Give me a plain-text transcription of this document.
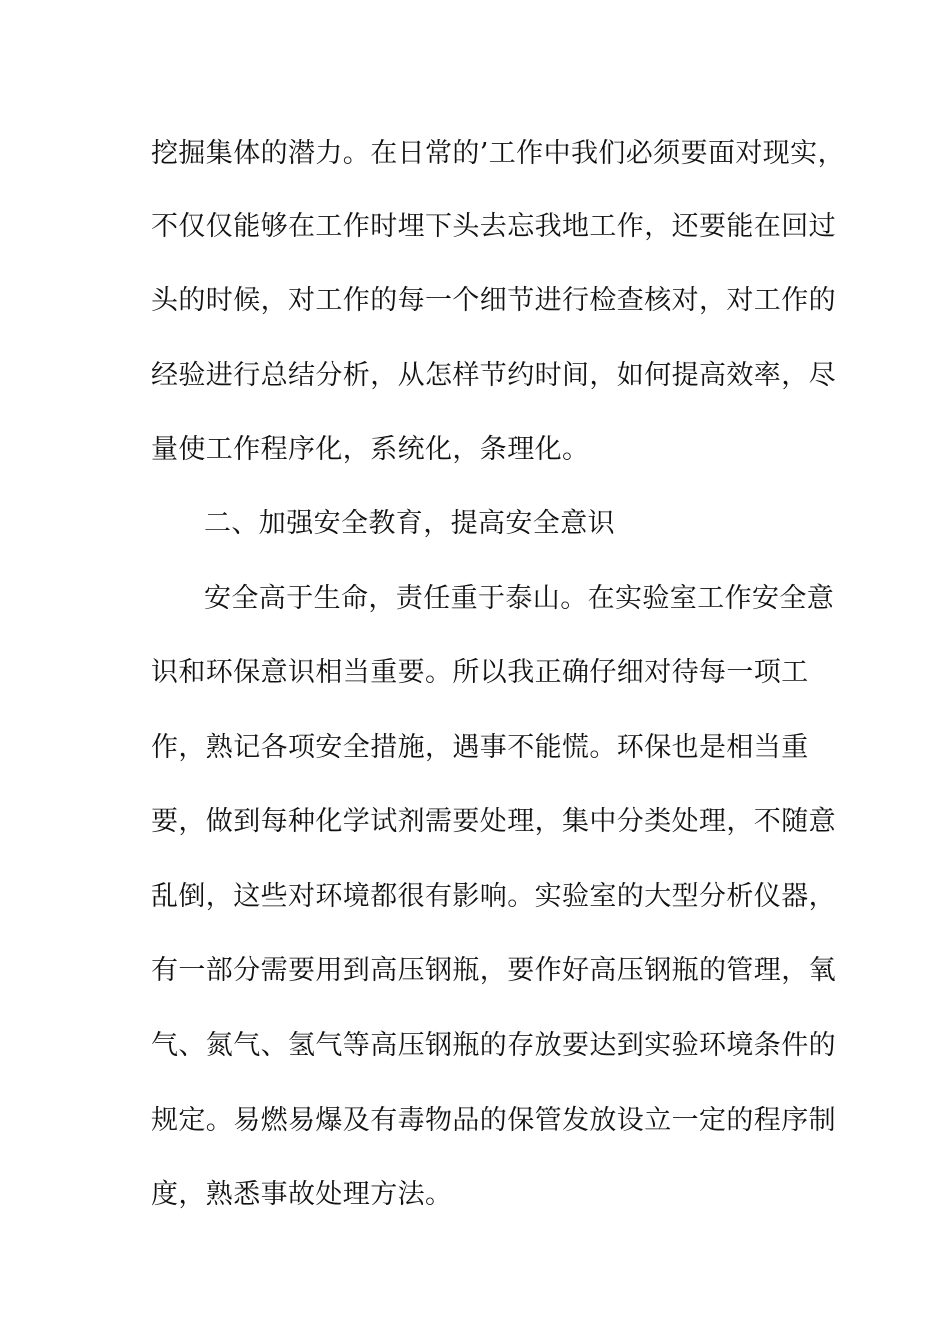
挖掘集体的潜力。在日常的’工作中我们必须要面对现实，
不仅仅能够在工作时埋下头去忘我地工作，还要能在回过
头的时候，对工作的每一个细节进行检查核对，对工作的
经验进行总结分析，从怎样节约时间，如何提高效率，尽
量使工作程序化，系统化，条理化。
二、加强安全教育，提高安全意识
安全高于生命，责任重于泰山。在实验室工作安全意
识和环保意识相当重要。所以我正确仔细对待每一项工
作，熟记各项安全措施，遇事不能慌。环保也是相当重
要，做到每种化学试剂需要处理，集中分类处理，不随意
乱倒，这些对环境都很有影响。实验室的大型分析仪器，
有一部分需要用到高压钢瓶，要作好高压钢瓶的管理，氧
气、氮气、氢气等高压钢瓶的存放要达到实验环境条件的
规定。易燃易爆及有毒物品的保管发放设立一定的程序制
度，熟悉事故处理方法。
